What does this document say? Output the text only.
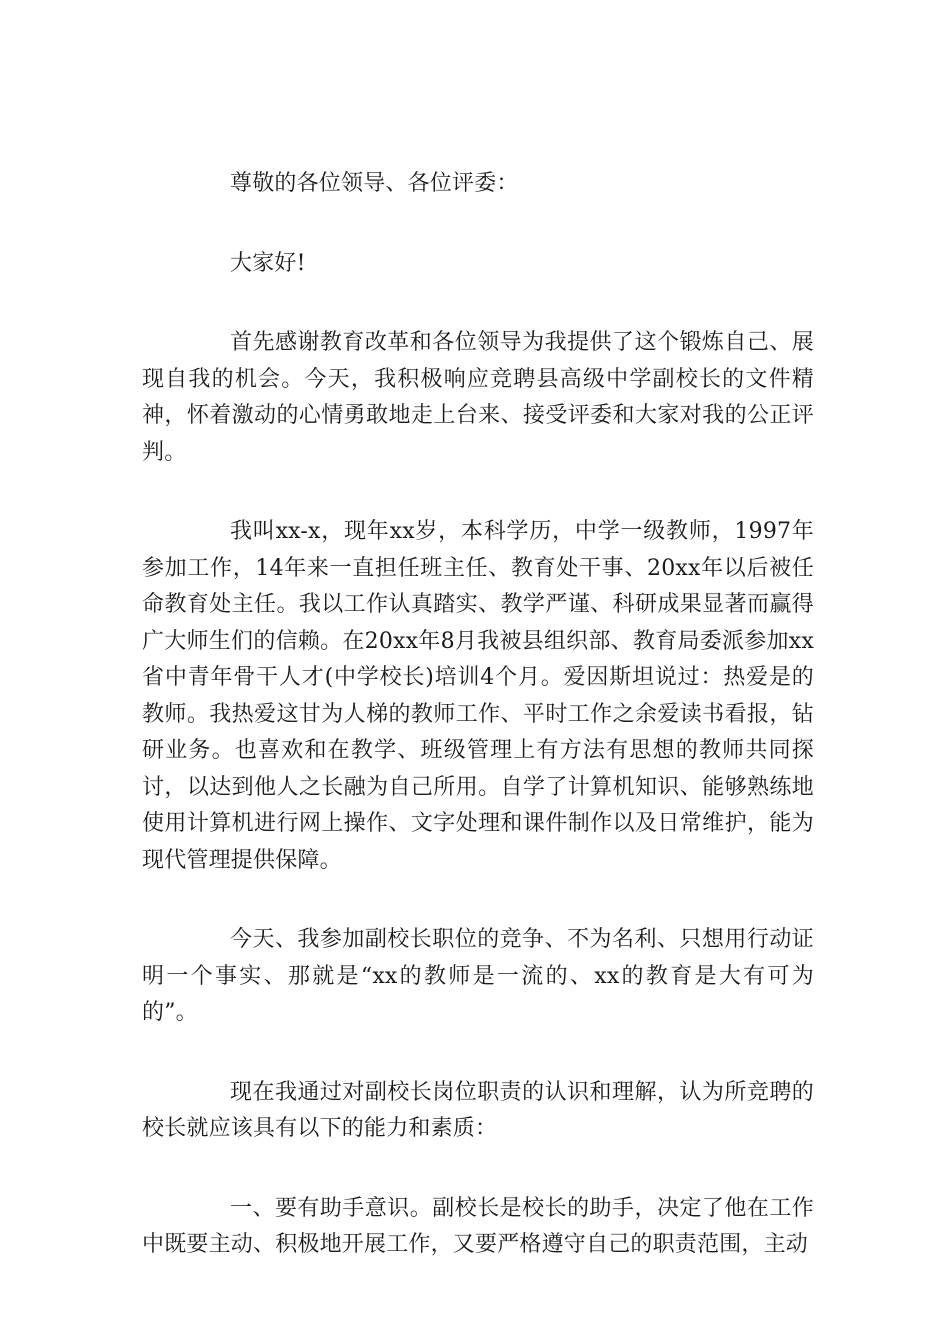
尊敬的各位领导、各位评委：

大家好!

首先感谢教育改革和各位领导为我提供了这个锻炼自己、展现自我的机会。今天，我积极响应竞聘县高级中学副校长的文件精神，怀着激动的心情勇敢地走上台来、接受评委和大家对我的公正评判。

我叫xx-x，现年xx岁，本科学历，中学一级教师，1997年参加工作，14年来一直担任班主任、教育处干事、20xx年以后被任命教育处主任。我以工作认真踏实、教学严谨、科研成果显著而赢得广大师生们的信赖。在20xx年8月我被县组织部、教育局委派参加xx省中青年骨干人才(中学校长)培训4个月。爱因斯坦说过：热爱是的教师。我热爱这甘为人梯的教师工作、平时工作之余爱读书看报，钻研业务。也喜欢和在教学、班级管理上有方法有思想的教师共同探讨，以达到他人之长融为自己所用。自学了计算机知识、能够熟练地使用计算机进行网上操作、文字处理和课件制作以及日常维护，能为现代管理提供保障。

今天、我参加副校长职位的竞争、不为名利、只想用行动证明一个事实、那就是“xx的教师是一流的、xx的教育是大有可为的”。

现在我通过对副校长岗位职责的认识和理解，认为所竞聘的校长就应该具有以下的能力和素质：

一、要有助手意识。副校长是校长的助手，决定了他在工作中既要主动、积极地开展工作，又要严格遵守自己的职责范围，主动
